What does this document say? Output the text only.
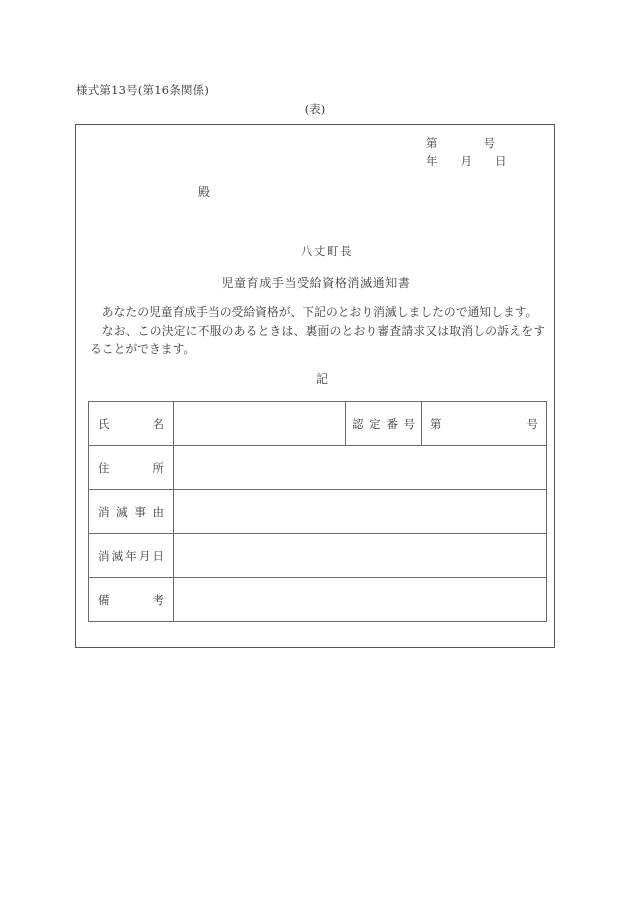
様式第13号(第16条関係)
(表)
第　　　　号
年　　月　　日
殿
八丈町長
児童育成手当受給資格消滅通知書

あなたの児童育成手当の受給資格が、下記のとおり消滅しましたので通知します。

なお、この決定に不服のあるときは、裏面のとおり審査請求又は取消しの訴えをすることができます。

記
氏　　名		認定番号	第　　　　　号
住　　所			
消滅事由			
消滅年月日			
備　　考			
